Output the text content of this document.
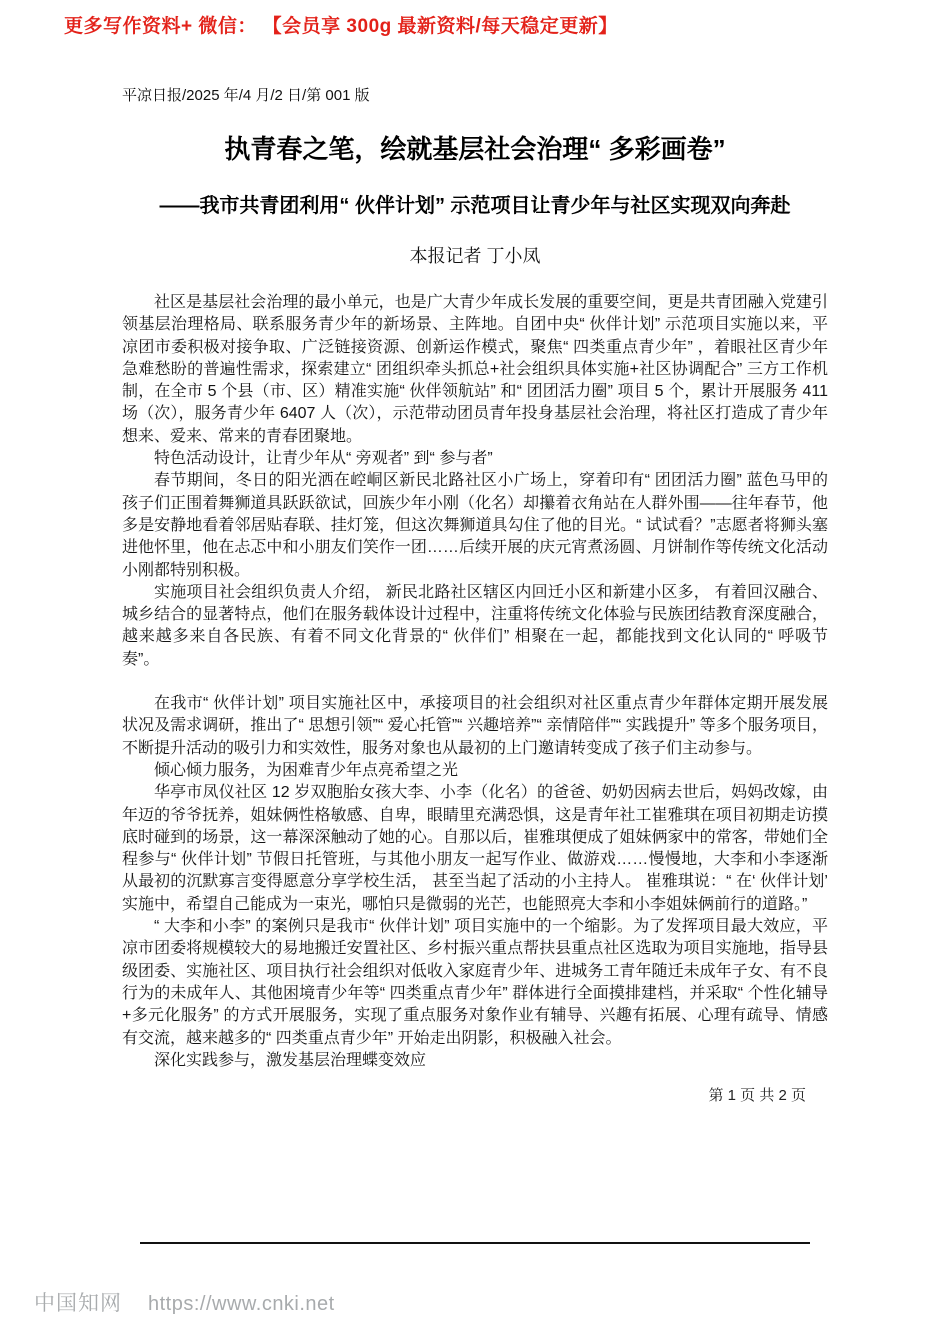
更多写作资料+ 微信： 【会员享 300g 最新资料/每天稳定更新】
平凉日报/2025 年/4 月/2 日/第 001 版
执青春之笔，绘就基层社会治理“ 多彩画卷”
——我市共青团利用“ 伙伴计划” 示范项目让青少年与社区实现双向奔赴
本报记者 丁小凤
社区是基层社会治理的最小单元，也是广大青少年成长发展的重要空间，更是共青团融入党建引领基层治理格局、联系服务青少年的新场景、主阵地。自团中央“ 伙伴计划” 示范项目实施以来，平凉团市委积极对接争取、广泛链接资源、创新运作模式，聚焦“ 四类重点青少年” ，着眼社区青少年急难愁盼的普遍性需求，探索建立“ 团组织牵头抓总+社会组织具体实施+社区协调配合” 三方工作机制，在全市 5 个县（市、区）精准实施“ 伙伴领航站” 和“ 团团活力圈” 项目 5 个，累计开展服务 411 场（次），服务青少年 6407 人（次），示范带动团员青年投身基层社会治理，将社区打造成了青少年想来、爱来、常来的青春团聚地。
特色活动设计，让青少年从“ 旁观者” 到“ 参与者”
春节期间，冬日的阳光洒在崆峒区新民北路社区小广场上，穿着印有“ 团团活力圈” 蓝色马甲的孩子们正围着舞狮道具跃跃欲试，回族少年小刚（化名）却攥着衣角站在人群外围——往年春节，他多是安静地看着邻居贴春联、挂灯笼，但这次舞狮道具勾住了他的目光。“ 试试看？”志愿者将狮头塞进他怀里，他在忐忑中和小朋友们笑作一团……后续开展的庆元宵煮汤圆、月饼制作等传统文化活动小刚都特别积极。
实施项目社会组织负责人介绍， 新民北路社区辖区内回迁小区和新建小区多， 有着回汉融合、城乡结合的显著特点，他们在服务载体设计过程中，注重将传统文化体验与民族团结教育深度融合，越来越多来自各民族、有着不同文化背景的“ 伙伴们” 相聚在一起，都能找到文化认同的“ 呼吸节奏”。
在我市“ 伙伴计划” 项目实施社区中，承接项目的社会组织对社区重点青少年群体定期开展发展状况及需求调研，推出了“ 思想引领”“ 爱心托管”“ 兴趣培养”“ 亲情陪伴”“ 实践提升” 等多个服务项目，不断提升活动的吸引力和实效性，服务对象也从最初的上门邀请转变成了孩子们主动参与。
倾心倾力服务，为困难青少年点亮希望之光
华亭市凤仪社区 12 岁双胞胎女孩大李、小李（化名）的爸爸、奶奶因病去世后，妈妈改嫁，由年迈的爷爷抚养，姐妹俩性格敏感、自卑，眼睛里充满恐惧，这是青年社工崔雅琪在项目初期走访摸底时碰到的场景，这一幕深深触动了她的心。自那以后，崔雅琪便成了姐妹俩家中的常客，带她们全程参与“ 伙伴计划” 节假日托管班，与其他小朋友一起写作业、做游戏……慢慢地，大李和小李逐渐从最初的沉默寡言变得愿意分享学校生活， 甚至当起了活动的小主持人。 崔雅琪说：“ 在‘ 伙伴计划’ 实施中，希望自己能成为一束光，哪怕只是微弱的光芒，也能照亮大李和小李姐妹俩前行的道路。”
“ 大李和小李” 的案例只是我市“ 伙伴计划” 项目实施中的一个缩影。为了发挥项目最大效应，平凉市团委将规模较大的易地搬迁安置社区、乡村振兴重点帮扶县重点社区选取为项目实施地，指导县级团委、实施社区、项目执行社会组织对低收入家庭青少年、进城务工青年随迁未成年子女、有不良行为的未成年人、其他困境青少年等“ 四类重点青少年” 群体进行全面摸排建档，并采取“ 个性化辅导+多元化服务” 的方式开展服务，实现了重点服务对象作业有辅导、兴趣有拓展、心理有疏导、情感有交流，越来越多的“ 四类重点青少年” 开始走出阴影，积极融入社会。
深化实践参与，激发基层治理蝶变效应
第 1 页 共 2 页
中国知网 https://www.cnki.net
